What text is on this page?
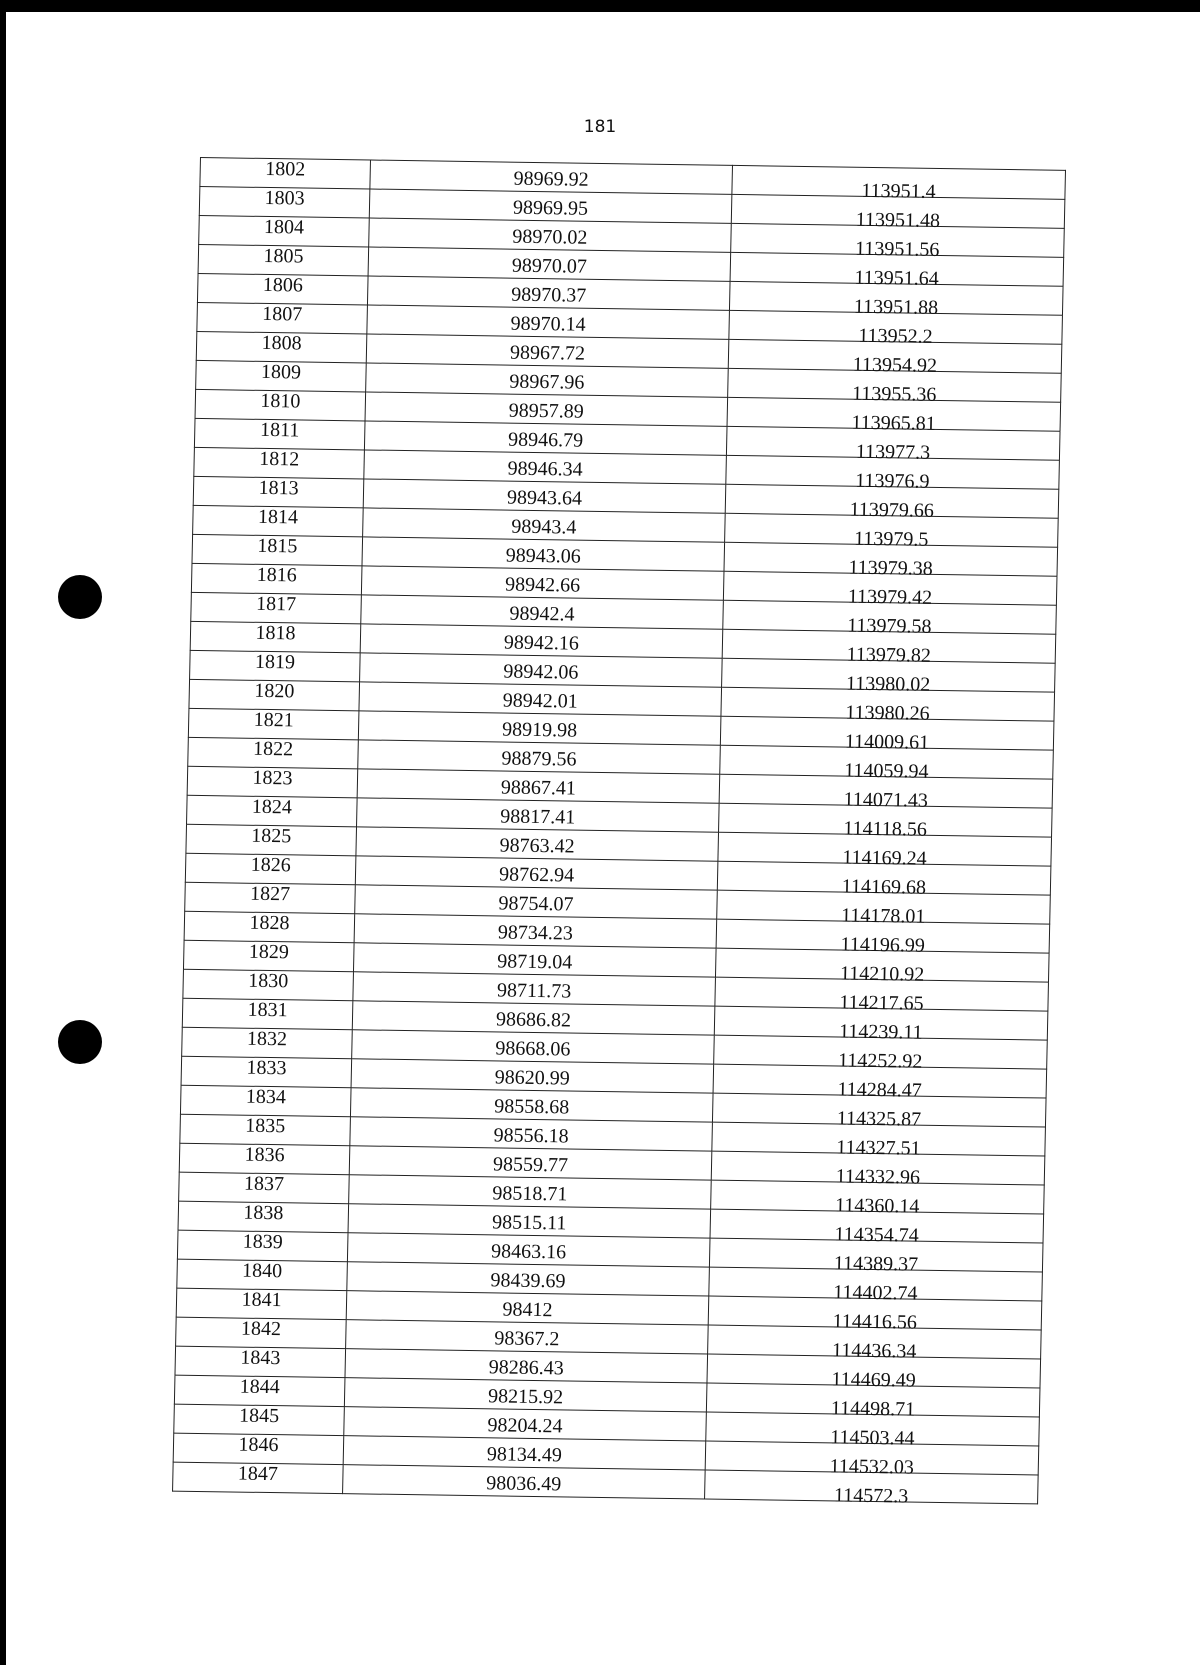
181
1802	98969.92	113951.4
1803	98969.95	113951.48
1804	98970.02	113951.56
1805	98970.07	113951.64
1806	98970.37	113951.88
1807	98970.14	113952.2
1808	98967.72	113954.92
1809	98967.96	113955.36
1810	98957.89	113965.81
1811	98946.79	113977.3
1812	98946.34	113976.9
1813	98943.64	113979.66
1814	98943.4	113979.5
1815	98943.06	113979.38
1816	98942.66	113979.42
1817	98942.4	113979.58
1818	98942.16	113979.82
1819	98942.06	113980.02
1820	98942.01	113980.26
1821	98919.98	114009.61
1822	98879.56	114059.94
1823	98867.41	114071.43
1824	98817.41	114118.56
1825	98763.42	114169.24
1826	98762.94	114169.68
1827	98754.07	114178.01
1828	98734.23	114196.99
1829	98719.04	114210.92
1830	98711.73	114217.65
1831	98686.82	114239.11
1832	98668.06	114252.92
1833	98620.99	114284.47
1834	98558.68	114325.87
1835	98556.18	114327.51
1836	98559.77	114332.96
1837	98518.71	114360.14
1838	98515.11	114354.74
1839	98463.16	114389.37
1840	98439.69	114402.74
1841	98412	114416.56
1842	98367.2	114436.34
1843	98286.43	114469.49
1844	98215.92	114498.71
1845	98204.24	114503.44
1846	98134.49	114532.03
1847	98036.49	114572.3
